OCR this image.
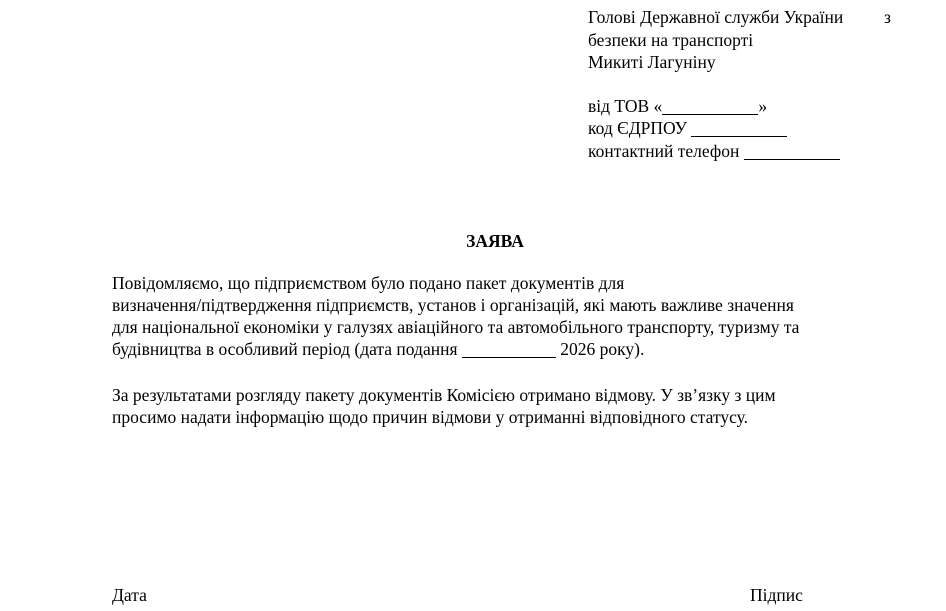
Голові Державної служби України з
безпеки на транспорті
Микиті Лагуніну
від ТОВ «	»
код ЄДРПОУ
контактний телефон
ЗАЯВА
Повідомляємо, що підприємством було подано пакет документів для
визначення/підтвердження підприємств, установ і організацій, які мають важливе значення
для національної економіки у галузях авіаційного та автомобільного транспорту, туризму та
будівництва в особливий період (дата подання	2026 року).
За результатами розгляду пакету документів Комісією отримано відмову. У зв’язку з цим
просимо надати інформацію щодо причин відмови у отриманні відповідного статусу.
Дата	Підпис
